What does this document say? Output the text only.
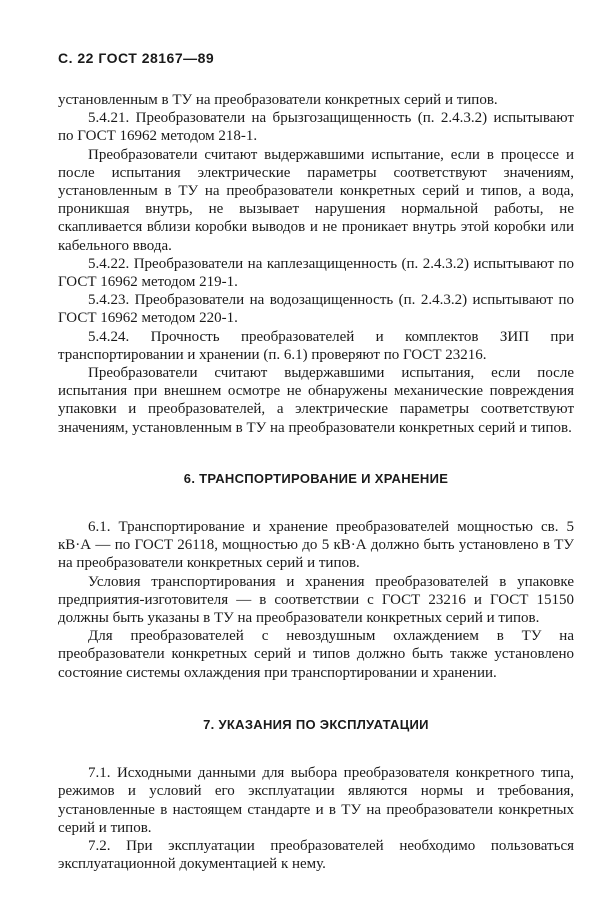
С. 22 ГОСТ 28167—89

установленным в ТУ на преобразователи конкретных серий и типов.

5.4.21. Преобразователи на брызгозащищенность (п. 2.4.3.2) испытывают по ГОСТ 16962 методом 218-1.

Преобразователи считают выдержавшими испытание, если в процессе и после испытания электрические параметры соответствуют значениям, установленным в ТУ на преобразователи конкретных серий и типов, а вода, проникшая внутрь, не вызывает нарушения нормальной работы, не скапливается вблизи коробки выводов и не проникает внутрь этой коробки или кабельного ввода.

5.4.22. Преобразователи на каплезащищенность (п. 2.4.3.2) испытывают по ГОСТ 16962 методом 219-1.

5.4.23. Преобразователи на водозащищенность (п. 2.4.3.2) испытывают по ГОСТ 16962 методом 220-1.

5.4.24. Прочность преобразователей и комплектов ЗИП при транспортировании и хранении (п. 6.1) проверяют по ГОСТ 23216.

Преобразователи считают выдержавшими испытания, если после испытания при внешнем осмотре не обнаружены механические повреждения упаковки и преобразователей, а электрические параметры соответствуют значениям, установленным в ТУ на преобразователи конкретных серий и типов.

6. ТРАНСПОРТИРОВАНИЕ И ХРАНЕНИЕ

6.1. Транспортирование и хранение преобразователей мощностью св. 5 кВ·А — по ГОСТ 26118, мощностью до 5 кВ·А должно быть установлено в ТУ на преобразователи конкретных серий и типов.

Условия транспортирования и хранения преобразователей в упаковке предприятия-изготовителя — в соответствии с ГОСТ 23216 и ГОСТ 15150 должны быть указаны в ТУ на преобразователи конкретных серий и типов.

Для преобразователей с невоздушным охлаждением в ТУ на преобразователи конкретных серий и типов должно быть также установлено состояние системы охлаждения при транспортировании и хранении.

7. УКАЗАНИЯ ПО ЭКСПЛУАТАЦИИ

7.1. Исходными данными для выбора преобразователя конкретного типа, режимов и условий его эксплуатации являются нормы и требования, установленные в настоящем стандарте и в ТУ на преобразователи конкретных серий и типов.

7.2. При эксплуатации преобразователей необходимо пользоваться эксплуатационной документацией к нему.
